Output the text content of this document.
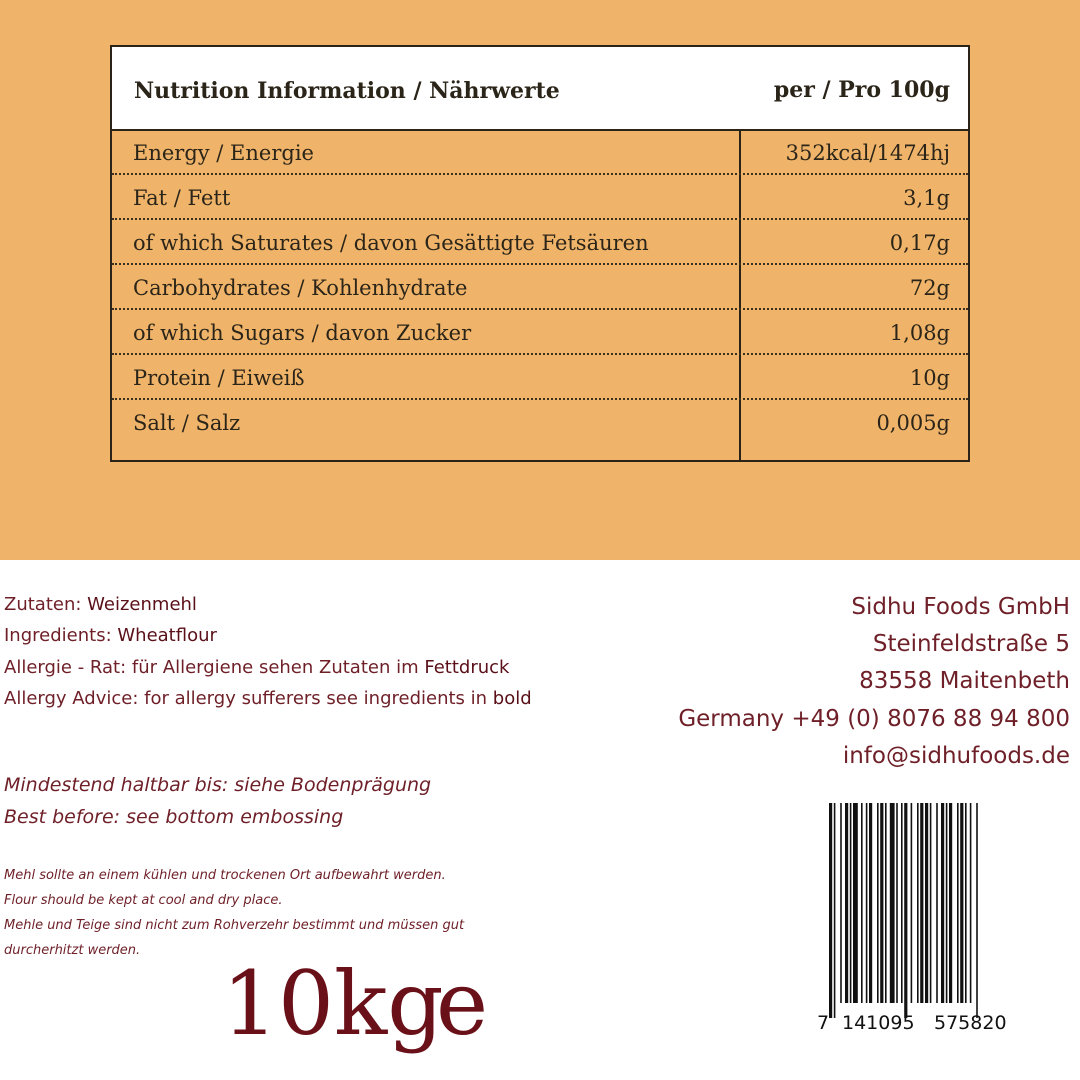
Nutrition Information / Nährwerte	per / Pro 100g
Energy / Energie	352kcal/1474hj
Fat / Fett	3,1g
of which Saturates / davon Gesättigte Fetsäuren	0,17g
Carbohydrates / Kohlenhydrate	72g
of which Sugars / davon Zucker	1,08g
Protein / Eiweiß	10g
Salt / Salz	0,005g
Zutaten: Weizenmehl
Ingredients: Wheatflour
Allergie - Rat: für Allergiene sehen Zutaten im Fettdruck
Allergy Advice: for allergy sufferers see ingredients in bold
Mindestend haltbar bis: siehe Bodenprägung
Best before: see bottom embossing
Mehl sollte an einem kühlen und trockenen Ort aufbewahrt werden.
Flour should be kept at cool and dry place.
Mehle und Teige sind nicht zum Rohverzehr bestimmt und müssen gut
durcherhitzt werden.
10kg
e
Sidhu Foods GmbH
Steinfeldstraße 5
83558 Maitenbeth
Germany +49 (0) 8076 88 94 800
info@sidhufoods.de
7 141095 575820
